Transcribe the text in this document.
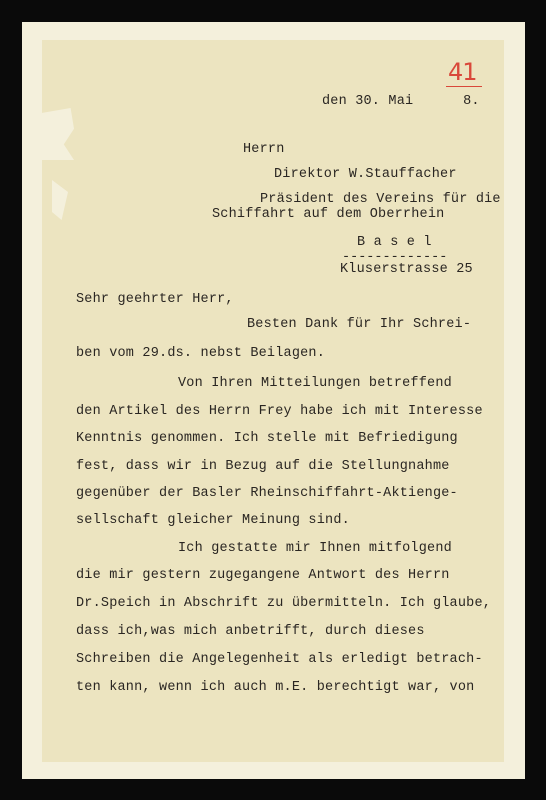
41
den 30. Mai      8.
Herrn
Direktor W.Stauffacher
Präsident des Vereins für die
Schiffahrt auf dem Oberrhein
B a s e l
-------------
Kluserstrasse 25
Sehr geehrter Herr,
Besten Dank für Ihr Schrei-
ben vom 29.ds. nebst Beilagen.
Von Ihren Mitteilungen betreffend
den Artikel des Herrn Frey habe ich mit Interesse
Kenntnis genommen. Ich stelle mit Befriedigung
fest, dass wir in Bezug auf die Stellungnahme
gegenüber der Basler Rheinschiffahrt-Aktienge-
sellschaft gleicher Meinung sind.
Ich gestatte mir Ihnen mitfolgend
die mir gestern zugegangene Antwort des Herrn
Dr.Speich in Abschrift zu übermitteln. Ich glaube,
dass ich,was mich anbetrifft, durch dieses
Schreiben die Angelegenheit als erledigt betrach-
ten kann, wenn ich auch m.E. berechtigt war, von
